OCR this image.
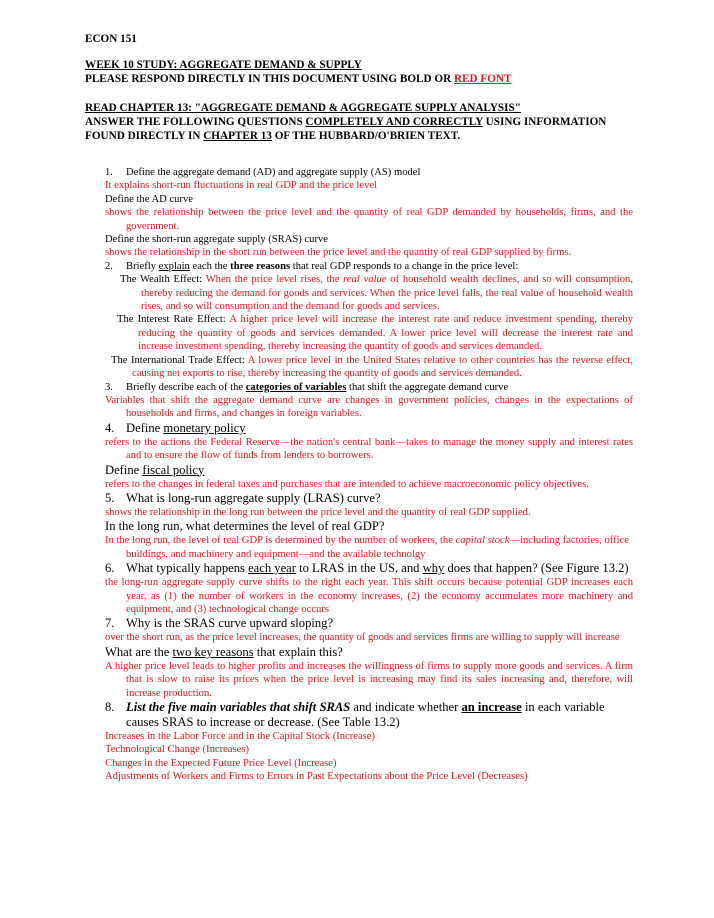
ECON 151
WEEK 10 STUDY: AGGREGATE DEMAND & SUPPLY
PLEASE RESPOND DIRECTLY IN THIS DOCUMENT USING BOLD OR RED FONT
READ CHAPTER 13: "AGGREGATE DEMAND & AGGREGATE SUPPLY ANALYSIS"
ANSWER THE FOLLOWING QUESTIONS COMPLETELY AND CORRECTLY USING INFORMATION
FOUND DIRECTLY IN CHAPTER 13 OF THE HUBBARD/O'BRIEN TEXT.

1. Define the aggregate demand (AD) and aggregate supply (AS) model

It explains short-run fluctuations in real GDP and the price level

Define the AD curve

shows the relationship between the price level and the quantity of real GDP demanded by households, firms, and the government.

Define the short-run aggregate supply (SRAS) curve

shows the relationship in the short run between the price level and the quantity of real GDP supplied by firms.

2. Briefly explain each the three reasons that real GDP responds to a change in the price level:

The Wealth Effect: When the price level rises, the real value of household wealth declines, and so will consumption, thereby reducing the demand for goods and services. When the price level falls, the real value of household wealth rises, and so will consumption and the demand for goods and services.

The Interest Rate Effect: A higher price level will increase the interest rate and reduce investment spending, thereby reducing the quantity of goods and services demanded. A lower price level will decrease the interest rate and increase investment spending, thereby increasing the quantity of goods and services demanded.

The International Trade Effect: A lower price level in the United States relative to other countries has the reverse effect, causing net exports to rise, thereby increasing the quantity of goods and services demanded.

3. Briefly describe each of the categories of variables that shift the aggregate demand curve

Variables that shift the aggregate demand curve are changes in government policies, changes in the expectations of households and firms, and changes in foreign variables.

4. Define monetary policy

refers to the actions the Federal Reserve—the nation's central bank—takes to manage the money supply and interest rates and to ensure the flow of funds from lenders to borrowers.

Define fiscal policy

refers to the changes in federal taxes and purchases that are intended to achieve macroeconomic policy objectives.

5. What is long-run aggregate supply (LRAS) curve?

shows the relationship in the long run between the price level and the quantity of real GDP supplied.

In the long run, what determines the level of real GDP?

In the long run, the level of real GDP is determined by the number of workers, the capital stock—including factories, office buildings, and machinery and equipment—and the available technolgy

6. What typically happens each year to LRAS in the US, and why does that happen? (See Figure 13.2)

the long-run aggregate supply curve shifts to the right each year. This shift occurs because potential GDP increases each year, as (1) the number of workers in the economy increases, (2) the economy accumulates more machinery and equipment, and (3) technological change occurs

7. Why is the SRAS curve upward sloping?

over the short run, as the price level increases, the quantity of goods and services firms are willing to supply will increase

What are the two key reasons that explain this?

A higher price level leads to higher profits and increases the willingness of firms to supply more goods and services. A firm that is slow to raise its prices when the price level is increasing may find its sales increasing and, therefore, will increase production.

8. List the five main variables that shift SRAS and indicate whether an increase in each variable causes SRAS to increase or decrease. (See Table 13.2)

Increases in the Labor Force and in the Capital Stock (Increase)

Technological Change (Increases)

Changes in the Expected Future Price Level (Increase)

Adjustments of Workers and Firms to Errors in Past Expectations about the Price Level (Decreases)
